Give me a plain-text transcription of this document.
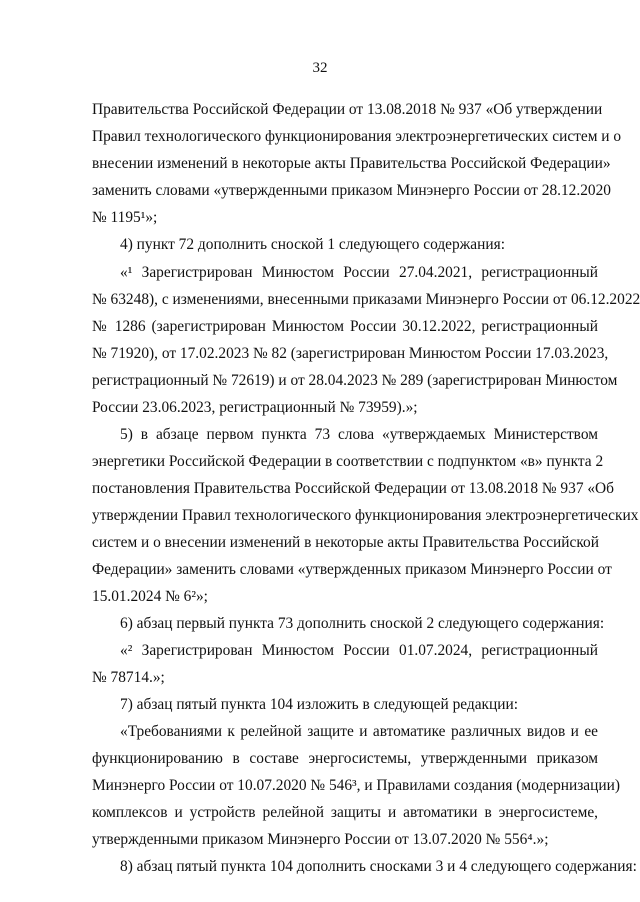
32
Правительства Российской Федерации от 13.08.2018 № 937 «Об утверждении
Правил технологического функционирования электроэнергетических систем и о
внесении изменений в некоторые акты Правительства Российской Федерации»
заменить словами «утвержденными приказом Минэнерго России от 28.12.2020
№ 1195¹»;
4) пункт 72 дополнить сноской 1 следующего содержания:
«¹ Зарегистрирован Минюстом России 27.04.2021, регистрационный
№ 63248), с изменениями, внесенными приказами Минэнерго России от 06.12.2022
№ 1286 (зарегистрирован Минюстом России 30.12.2022, регистрационный
№ 71920), от 17.02.2023 № 82 (зарегистрирован Минюстом России 17.03.2023,
регистрационный № 72619) и от 28.04.2023 № 289 (зарегистрирован Минюстом
России 23.06.2023, регистрационный № 73959).»;
5) в абзаце первом пункта 73 слова «утверждаемых Министерством
энергетики Российской Федерации в соответствии с подпунктом «в» пункта 2
постановления Правительства Российской Федерации от 13.08.2018 № 937 «Об
утверждении Правил технологического функционирования электроэнергетических
систем и о внесении изменений в некоторые акты Правительства Российской
Федерации» заменить словами «утвержденных приказом Минэнерго России от
15.01.2024 № 6²»;
6) абзац первый пункта 73 дополнить сноской 2 следующего содержания:
«² Зарегистрирован Минюстом России 01.07.2024, регистрационный
№ 78714.»;
7) абзац пятый пункта 104 изложить в следующей редакции:
«Требованиями к релейной защите и автоматике различных видов и ее
функционированию в составе энергосистемы, утвержденными приказом
Минэнерго России от 10.07.2020 № 546³, и Правилами создания (модернизации)
комплексов и устройств релейной защиты и автоматики в энергосистеме,
утвержденными приказом Минэнерго России от 13.07.2020 № 556⁴.»;
8) абзац пятый пункта 104 дополнить сносками 3 и 4 следующего содержания:
